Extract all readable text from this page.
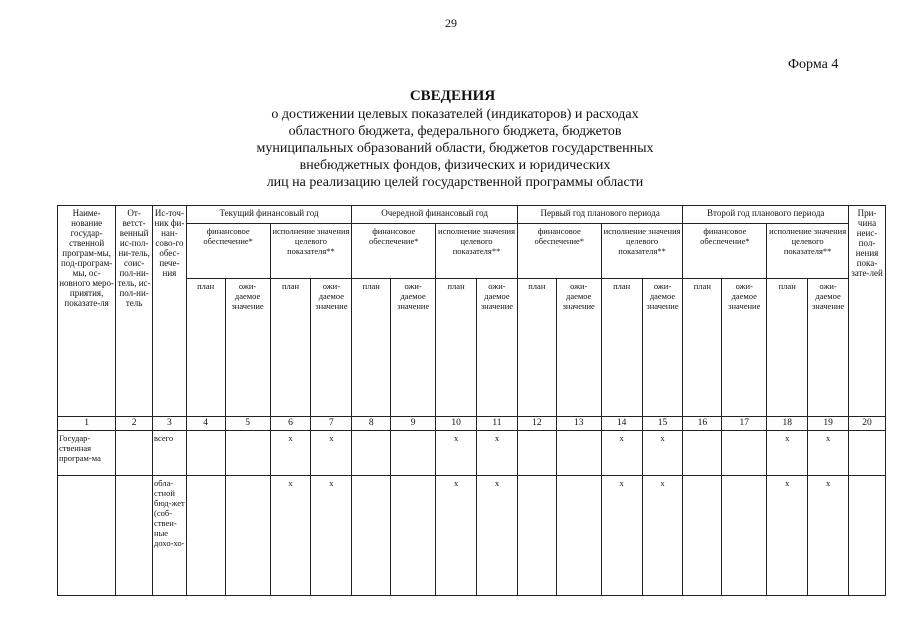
29
Форма 4
СВЕДЕНИЯ
о достижении целевых показателей (индикаторов) и расходах
областного бюджета, федерального бюджета, бюджетов
муниципальных образований области, бюджетов государственных
внебюджетных фондов, физических и юридических
лиц на реализацию целей государственной программы области
Наиме-нование государ-ственной програм-мы, под-програм-мы, ос-новного меро-приятия, показате-ля	От-ветст-венный ис-пол-ни-тель, соис-пол-ни-тель, ис-пол-ни-тель	Ис-точ-ник фи-нан-сово-го обес-пече-ния	Текущий финансовый год				Очередной финансовый год				Первый год планового периода				Второй год планового периода				При-чина неис-пол-нения пока-зате-лей
			финансовое обеспечение*		исполнение значения целевого показателя**		финансовое обеспечение*		исполнение значения целевого показателя**		финансовое обеспечение*		исполнение значения целевого показателя**		финансовое обеспечение*		исполнение значения целевого показателя**		
			план	ожи-даемое значение	план	ожи-даемое значение	план	ожи-даемое значение	план	ожи-даемое значение	план	ожи-даемое значение	план	ожи-даемое значение	план	ожи-даемое значение	план	ожи-даемое значение	
1	2	3	4	5	6	7	8	9	10	11	12	13	14	15	16	17	18	19	20
Государ-ственная програм-ма		всего			х	х			х	х			х	х			х	х	
		обла-стной бюд-жет (соб-ствен-ные дохо-хо-			х	х			х	х			х	х			х	х	
